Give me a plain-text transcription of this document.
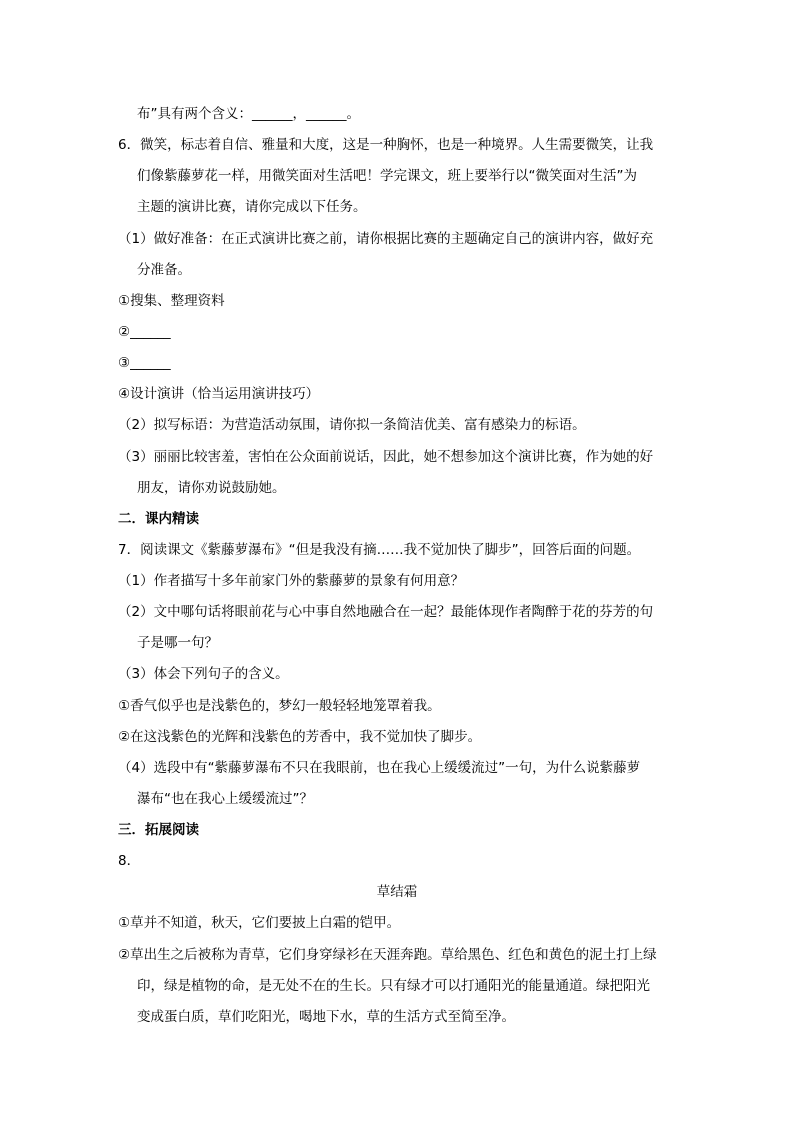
布”具有两个含义：______，______。
6．微笑，标志着自信、雅量和大度，这是一种胸怀，也是一种境界。人生需要微笑，让我
们像紫藤萝花一样，用微笑面对生活吧！学完课文，班上要举行以“微笑面对生活”为
主题的演讲比赛，请你完成以下任务。
（1）做好准备：在正式演讲比赛之前，请你根据比赛的主题确定自己的演讲内容，做好充
分准备。
①搜集、整理资料
②______
③______
④设计演讲（恰当运用演讲技巧）
（2）拟写标语：为营造活动氛围，请你拟一条简洁优美、富有感染力的标语。
（3）丽丽比较害羞，害怕在公众面前说话，因此，她不想参加这个演讲比赛，作为她的好
朋友，请你劝说鼓励她。
二．课内精读
7．阅读课文《紫藤萝瀑布》“但是我没有摘……我不觉加快了脚步”，回答后面的问题。
（1）作者描写十多年前家门外的紫藤萝的景象有何用意？
（2）文中哪句话将眼前花与心中事自然地融合在一起？最能体现作者陶醉于花的芬芳的句
子是哪一句？
（3）体会下列句子的含义。
①香气似乎也是浅紫色的，梦幻一般轻轻地笼罩着我。
②在这浅紫色的光辉和浅紫色的芳香中，我不觉加快了脚步。
（4）选段中有“紫藤萝瀑布不只在我眼前，也在我心上缓缓流过”一句，为什么说紫藤萝
瀑布“也在我心上缓缓流过”？
三．拓展阅读
8．
草结霜
①草并不知道，秋天，它们要披上白霜的铠甲。
②草出生之后被称为青草，它们身穿绿衫在天涯奔跑。草给黑色、红色和黄色的泥土打上绿
印，绿是植物的命，是无处不在的生长。只有绿才可以打通阳光的能量通道。绿把阳光
变成蛋白质，草们吃阳光，喝地下水，草的生活方式至简至净。
